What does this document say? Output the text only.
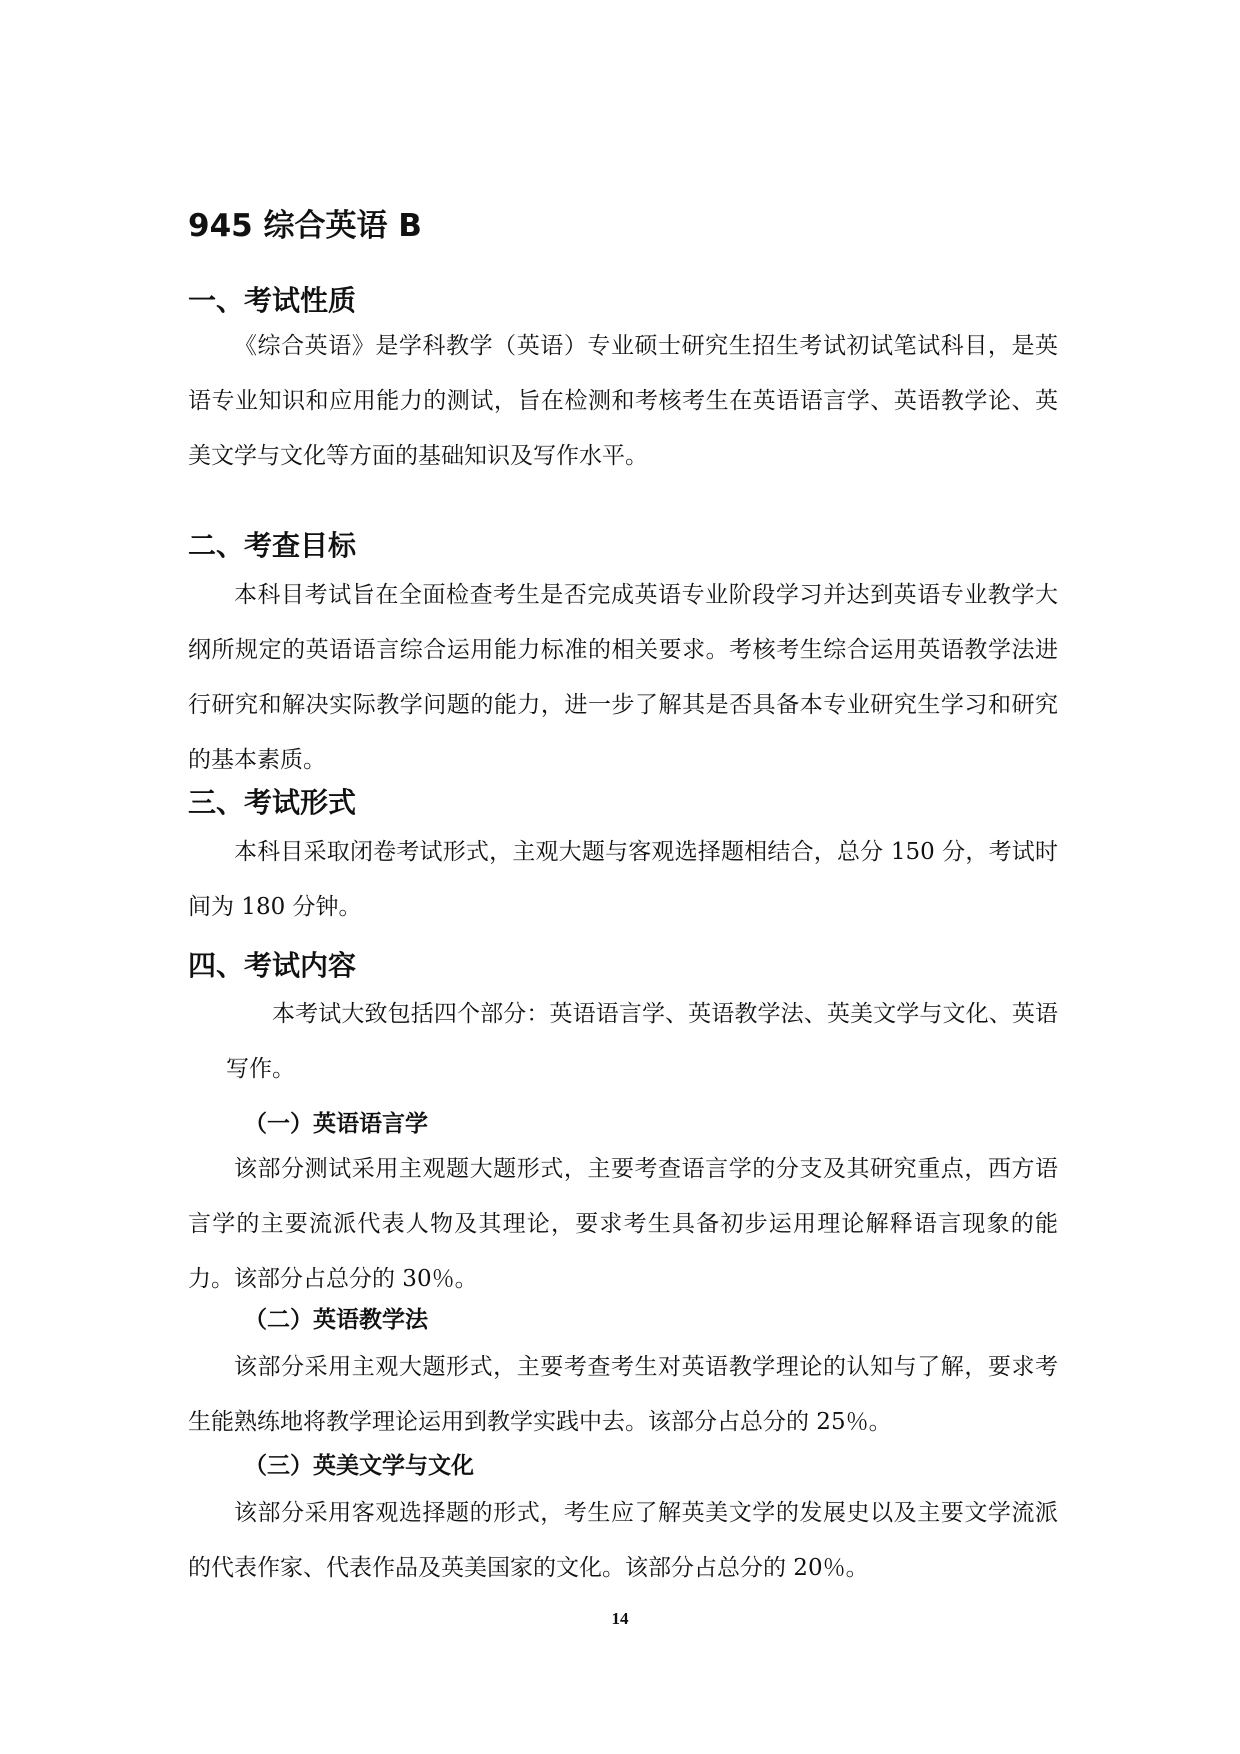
945 综合英语 B
一、考试性质

《综合英语》是学科教学（英语）专业硕士研究生招生考试初试笔试科目，是英语专业知识和应用能力的测试，旨在检测和考核考生在英语语言学、英语教学论、英美文学与文化等方面的基础知识及写作水平。

二、考查目标

本科目考试旨在全面检查考生是否完成英语专业阶段学习并达到英语专业教学大纲所规定的英语语言综合运用能力标准的相关要求。考核考生综合运用英语教学法进行研究和解决实际教学问题的能力，进一步了解其是否具备本专业研究生学习和研究的基本素质。

三、考试形式

本科目采取闭卷考试形式，主观大题与客观选择题相结合，总分 150 分，考试时间为 180 分钟。

四、考试内容

本考试大致包括四个部分：英语语言学、英语教学法、英美文学与文化、英语写作。

（一）英语语言学

该部分测试采用主观题大题形式，主要考查语言学的分支及其研究重点，西方语言学的主要流派代表人物及其理论，要求考生具备初步运用理论解释语言现象的能力。该部分占总分的 30％。

（二）英语教学法

该部分采用主观大题形式，主要考查考生对英语教学理论的认知与了解，要求考生能熟练地将教学理论运用到教学实践中去。该部分占总分的 25％。

（三）英美文学与文化

该部分采用客观选择题的形式，考生应了解英美文学的发展史以及主要文学流派的代表作家、代表作品及英美国家的文化。该部分占总分的 20％。

14
